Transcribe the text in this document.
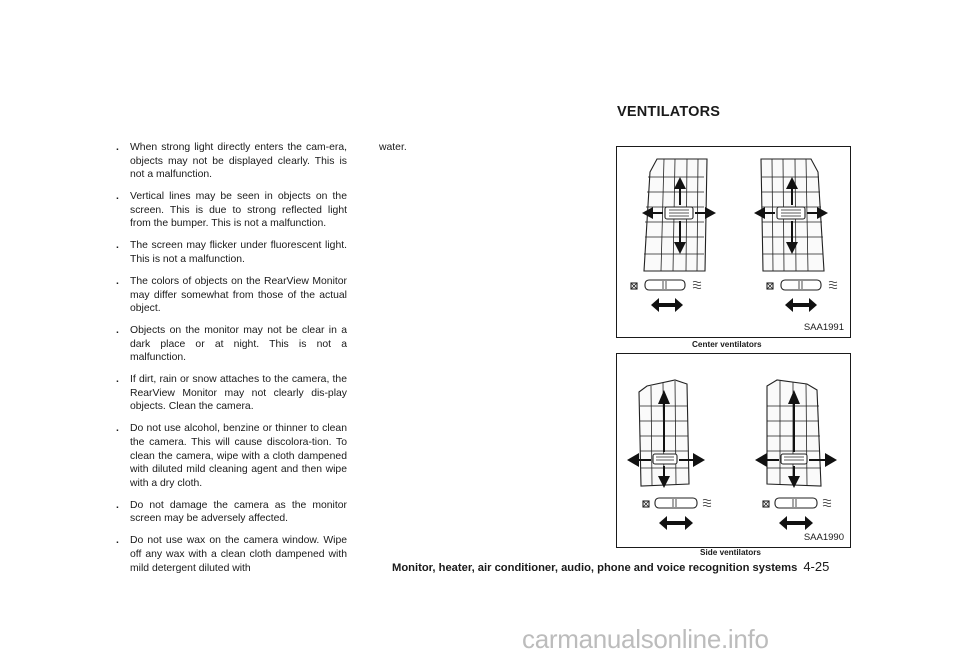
. When strong light directly enters the cam-era, objects may not be displayed clearly. This is not a malfunction.
. Vertical lines may be seen in objects on the screen. This is due to strong reflected light from the bumper. This is not a malfunction.
. The screen may flicker under fluorescent light. This is not a malfunction.
. The colors of objects on the RearView Monitor may differ somewhat from those of the actual object.
. Objects on the monitor may not be clear in a dark place or at night. This is not a malfunction.
. If dirt, rain or snow attaches to the camera, the RearView Monitor may not clearly dis-play objects. Clean the camera.
. Do not use alcohol, benzine or thinner to clean the camera. This will cause discolora-tion. To clean the camera, wipe with a cloth dampened with diluted mild cleaning agent and then wipe with a dry cloth.
. Do not damage the camera as the monitor screen may be adversely affected.
. Do not use wax on the camera window. Wipe off any wax with a clean cloth dampened with mild detergent diluted with
water.
VENTILATORS
SAA1991
Center ventilators
SAA1990
Side ventilators
Monitor, heater, air conditioner, audio, phone and voice recognition systems 4-25
carmanualsonline.info
